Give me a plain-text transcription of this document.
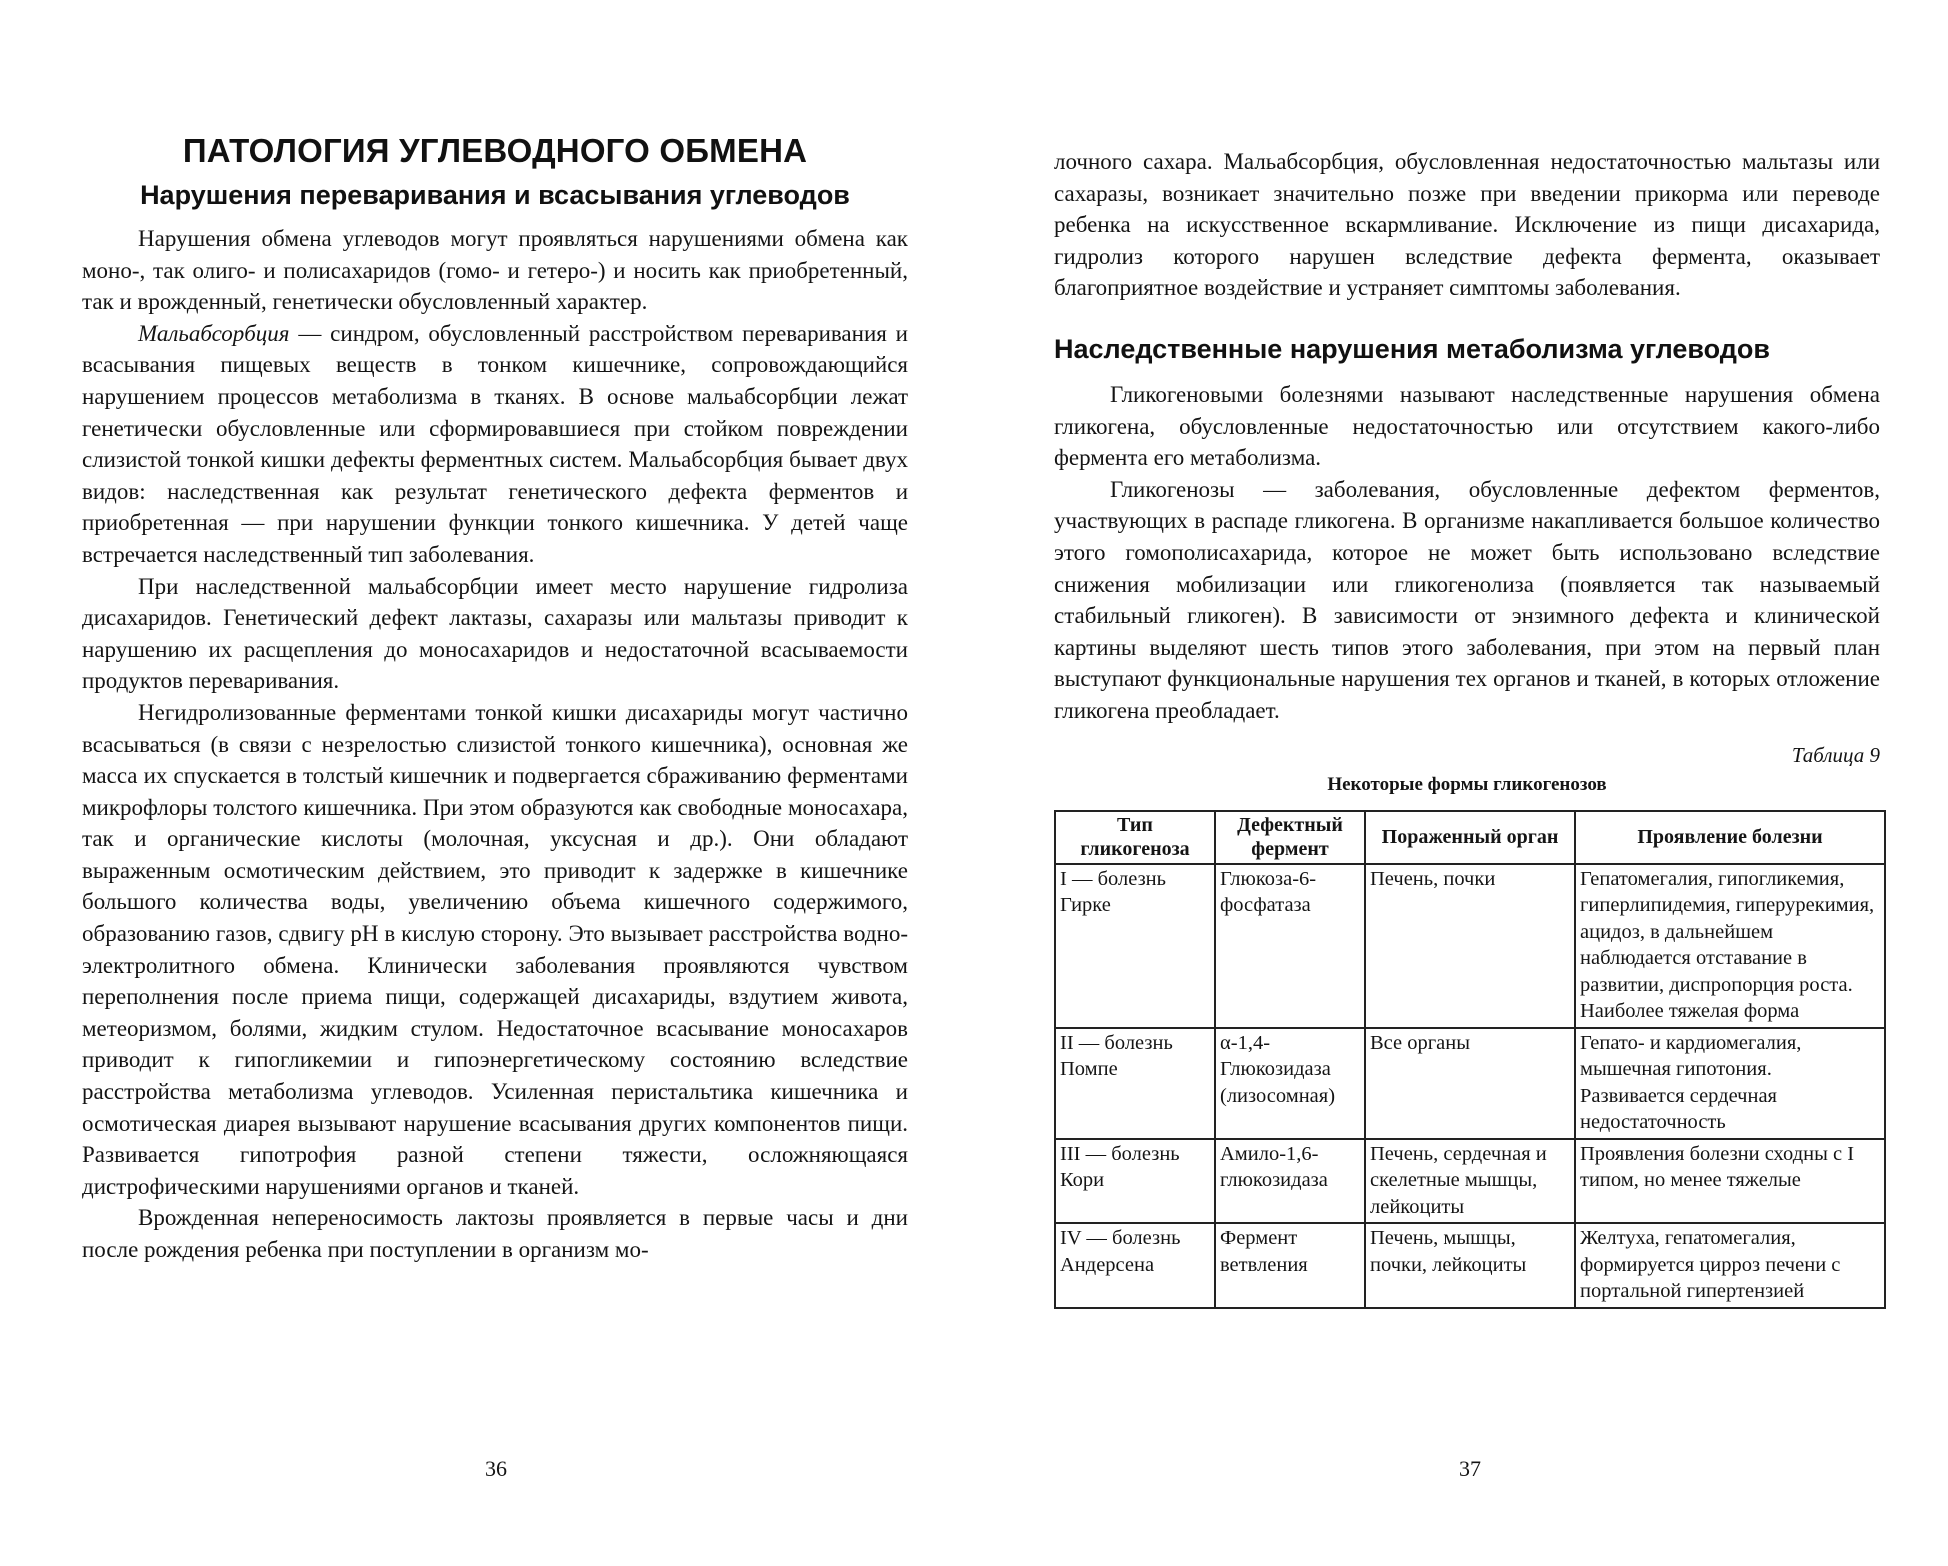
ПАТОЛОГИЯ УГЛЕВОДНОГО ОБМЕНА
Нарушения переваривания и всасывания углеводов

Нарушения обмена углеводов могут проявляться нарушениями обмена как моно-, так олиго- и полисахаридов (гомо- и гетеро-) и носить как приобретенный, так и врожденный, генетически обусловленный характер.

Мальабсорбция — синдром, обусловленный расстройством переваривания и всасывания пищевых веществ в тонком кишечнике, сопровождающийся нарушением процессов метаболизма в тканях. В основе мальабсорбции лежат генетически обусловленные или сформировавшиеся при стойком повреждении слизистой тонкой кишки дефекты ферментных систем. Мальабсорбция бывает двух видов: наследственная как результат генетического дефекта ферментов и приобретенная — при нарушении функции тонкого кишечника. У детей чаще встречается наследственный тип заболевания.

При наследственной мальабсорбции имеет место нарушение гидролиза дисахаридов. Генетический дефект лактазы, сахаразы или мальтазы приводит к нарушению их расщепления до моносахаридов и недостаточной всасываемости продуктов переваривания.

Негидролизованные ферментами тонкой кишки дисахариды могут частично всасываться (в связи с незрелостью слизистой тонкого кишечника), основная же масса их спускается в толстый кишечник и подвергается сбраживанию ферментами микрофлоры толстого кишечника. При этом образуются как свободные моносахара, так и органические кислоты (молочная, уксусная и др.). Они обладают выраженным осмотическим действием, это приводит к задержке в кишечнике большого количества воды, увеличению объема кишечного содержимого, образованию газов, сдвигу pH в кислую сторону. Это вызывает расстройства водно-электролитного обмена. Клинически заболевания проявляются чувством переполнения после приема пищи, содержащей дисахариды, вздутием живота, метеоризмом, болями, жидким стулом. Недостаточное всасывание моносахаров приводит к гипогликемии и гипоэнергетическому состоянию вследствие расстройства метаболизма углеводов. Усиленная перистальтика кишечника и осмотическая диарея вызывают нарушение всасывания других компонентов пищи. Развивается гипотрофия разной степени тяжести, осложняющаяся дистрофическими нарушениями органов и тканей.

Врожденная непереносимость лактозы проявляется в первые часы и дни после рождения ребенка при поступлении в организм мо-

36

лочного сахара. Мальабсорбция, обусловленная недостаточностью мальтазы или сахаразы, возникает значительно позже при введении прикорма или переводе ребенка на искусственное вскармливание. Исключение из пищи дисахарида, гидролиз которого нарушен вследствие дефекта фермента, оказывает благоприятное воздействие и устраняет симптомы заболевания.

Наследственные нарушения метаболизма углеводов

Гликогеновыми болезнями называют наследственные нарушения обмена гликогена, обусловленные недостаточностью или отсутствием какого-либо фермента его метаболизма.

Гликогенозы — заболевания, обусловленные дефектом ферментов, участвующих в распаде гликогена. В организме накапливается большое количество этого гомополисахарида, которое не может быть использовано вследствие снижения мобилизации или гликогенолиза (появляется так называемый стабильный гликоген). В зависимости от энзимного дефекта и клинической картины выделяют шесть типов этого заболевания, при этом на первый план выступают функциональные нарушения тех органов и тканей, в которых отложение гликогена преобладает.

Таблица 9
Некоторые формы гликогенозов
Тип гликогеноза	Дефектный фермент	Пораженный орган	Проявление болезни
I — болезнь Гирке	Глюкоза-6-фосфатаза	Печень, почки	Гепатомегалия, гипогликемия, гиперлипидемия, гиперурекимия, ацидоз, в дальнейшем наблюдается отставание в развитии, диспропорция роста. Наиболее тяжелая форма
II — болезнь Помпе	α-1,4-Глюкозидаза (лизосомная)	Все органы	Гепато- и кардиомегалия, мышечная гипотония. Развивается сердечная недостаточность
III — болезнь Кори	Амило-1,6-глюкозидаза	Печень, сердечная и скелетные мышцы, лейкоциты	Проявления болезни сходны с I типом, но менее тяжелые
IV — болезнь Андерсена	Фермент ветвления	Печень, мышцы, почки, лейкоциты	Желтуха, гепатомегалия, формируется цирроз печени с портальной гипертензией
37
